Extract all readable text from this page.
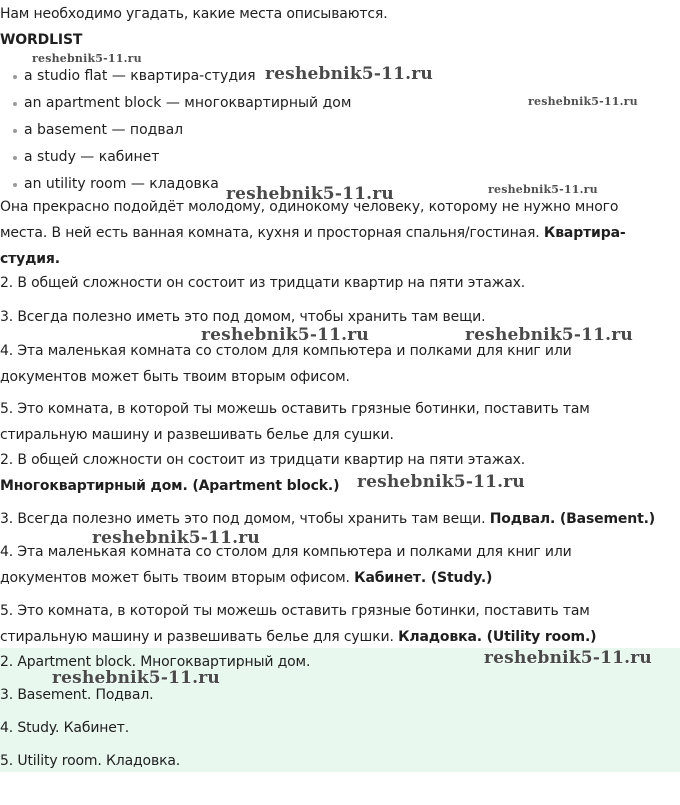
Нам необходимо угадать, какие места описываются.
WORDLIST
a studio flat — квартира-студия
an apartment block — многоквартирный дом
a basement — подвал
a study — кабинет
an utility room — кладовка
Она прекрасно подойдёт молодому, одинокому человеку, которому не нужно много
места. В ней есть ванная комната, кухня и просторная спальня/гостиная. Квартира-
студия.
2. В общей сложности он состоит из тридцати квартир на пяти этажах.
3. Всегда полезно иметь это под домом, чтобы хранить там вещи.
4. Эта маленькая комната со столом для компьютера и полками для книг или
документов может быть твоим вторым офисом.
5. Это комната, в которой ты можешь оставить грязные ботинки, поставить там
стиральную машину и развешивать белье для сушки.
2. В общей сложности он состоит из тридцати квартир на пяти этажах.
Многоквартирный дом. (Apartment block.)
3. Всегда полезно иметь это под домом, чтобы хранить там вещи. Подвал. (Basement.)
4. Эта маленькая комната со столом для компьютера и полками для книг или
документов может быть твоим вторым офисом. Кабинет. (Study.)
5. Это комната, в которой ты можешь оставить грязные ботинки, поставить там
стиральную машину и развешивать белье для сушки. Кладовка. (Utility room.)
2. Apartment block. Многоквартирный дом.
3. Basement. Подвал.
4. Study. Кабинет.
5. Utility room. Кладовка.
reshebnik5-11.ru
reshebnik5-11.ru
reshebnik5-11.ru
reshebnik5-11.ru	reshebnik5-11.ru
reshebnik5-11.ru	reshebnik5-11.ru
reshebnik5-11.ru
reshebnik5-11.ru
reshebnik5-11.ru
reshebnik5-11.ru
